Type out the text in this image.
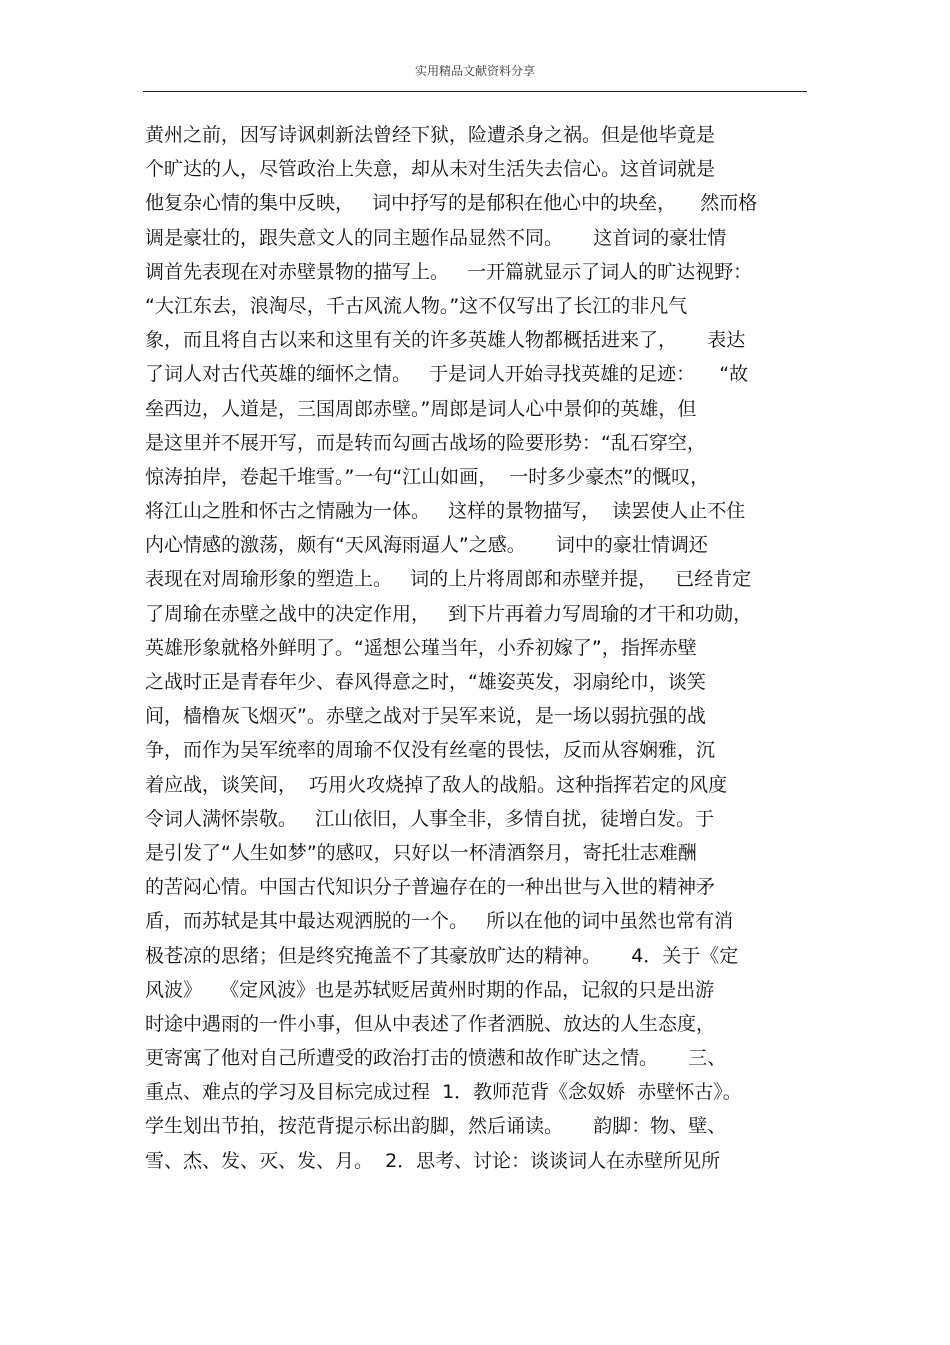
实用精品文献资料分享
黄州之前，因写诗讽刺新法曾经下狱，险遭杀身之祸。但是他毕竟是
个旷达的人，尽管政治上失意，却从未对生活失去信心。这首词就是
他复杂心情的集中反映，   词中抒写的是郁积在他心中的块垒，    然而格
调是豪壮的，跟失意文人的同主题作品显然不同。     这首词的豪壮情
调首先表现在对赤壁景物的描写上。   一开篇就显示了词人的旷达视野：
“大江东去，浪淘尽，千古风流人物。”这不仅写出了长江的非凡气
象，而且将自古以来和这里有关的许多英雄人物都概括进来了，     表达
了词人对古代英雄的缅怀之情。   于是词人开始寻找英雄的足迹：    “故
垒西边，人道是，三国周郎赤壁。”周郎是词人心中景仰的英雄，但
是这里并不展开写，而是转而勾画古战场的险要形势：“乱石穿空，
惊涛拍岸，卷起千堆雪。”一句“江山如画，  一时多少豪杰”的慨叹，
将江山之胜和怀古之情融为一体。   这样的景物描写，  读罢使人止不住
内心情感的激荡，颇有“天风海雨逼人”之感。     词中的豪壮情调还
表现在对周瑜形象的塑造上。   词的上片将周郎和赤壁并提，   已经肯定
了周瑜在赤壁之战中的决定作用，   到下片再着力写周瑜的才干和功勋，
英雄形象就格外鲜明了。“遥想公瑾当年，小乔初嫁了”，指挥赤壁
之战时正是青春年少、春风得意之时，“雄姿英发，羽扇纶巾，谈笑
间，樯橹灰飞烟灭”。赤壁之战对于吴军来说，是一场以弱抗强的战
争，而作为吴军统率的周瑜不仅没有丝毫的畏怯，反而从容娴雅，沉
着应战，谈笑间，  巧用火攻烧掉了敌人的战船。这种指挥若定的风度
令词人满怀崇敬。   江山依旧，人事全非，多情自扰，徒增白发。于
是引发了“人生如梦”的感叹，只好以一杯清酒祭月，寄托壮志难酬
的苦闷心情。中国古代知识分子普遍存在的一种出世与入世的精神矛
盾，而苏轼是其中最达观洒脱的一个。   所以在他的词中虽然也常有消
极苍凉的思绪；但是终究掩盖不了其豪放旷达的精神。     4．关于《定
风波》   《定风波》也是苏轼贬居黄州时期的作品，记叙的只是出游
时途中遇雨的一件小事，但从中表述了作者洒脱、放达的人生态度，
更寄寓了他对自己所遭受的政治打击的愤懑和故作旷达之情。     三、
重点、难点的学习及目标完成过程  1．教师范背《念奴娇  赤壁怀古》。
学生划出节拍，按范背提示标出韵脚，然后诵读。     韵脚：物、壁、
雪、杰、发、灭、发、月。  2．思考、讨论：谈谈词人在赤壁所见所
